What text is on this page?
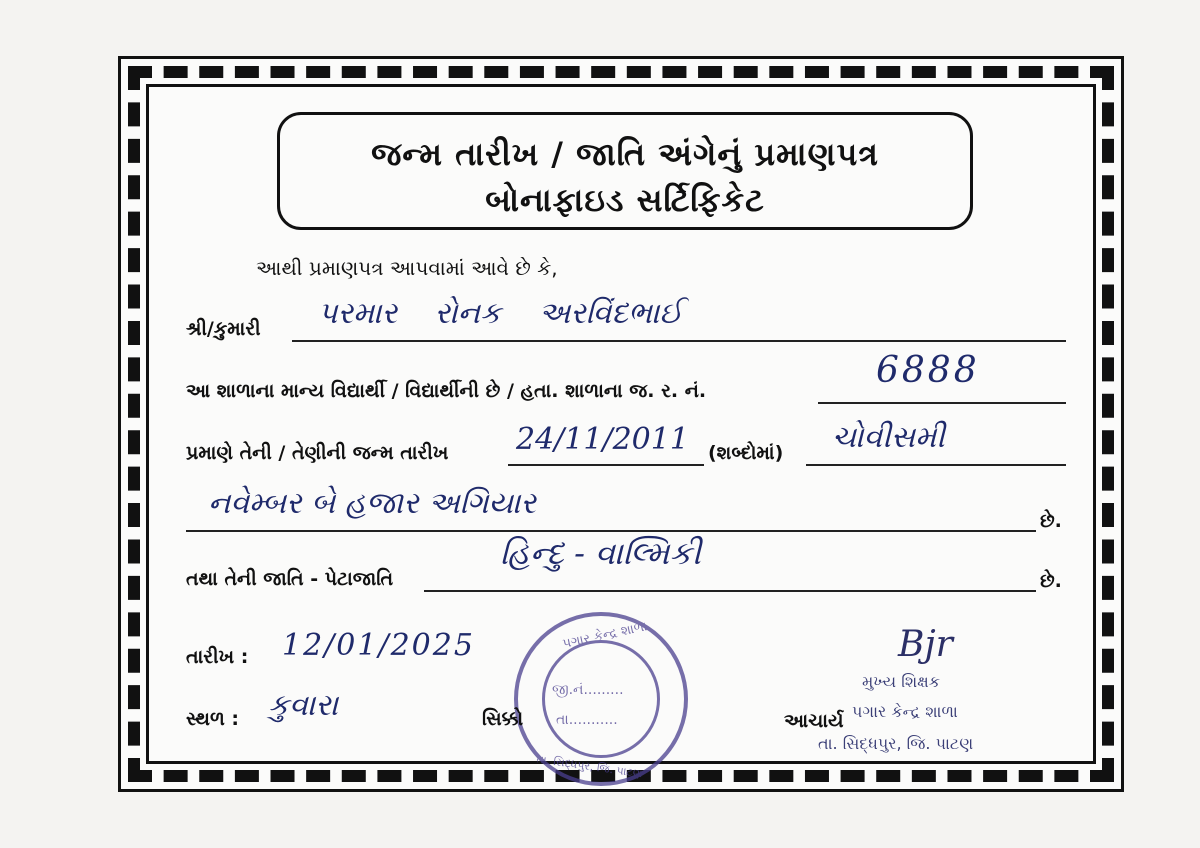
જન્મ તારીખ / જાતિ અંગેનું પ્રમાણપત્ર
બોનાફાઇડ સર્ટિફિકેટ
આથી પ્રમાણપત્ર આપવામાં આવે છે કે,
શ્રી/કુમારી પરમાર રોનક અરવિંદભાઈ
આ શાળાના માન્ય વિદ્યાર્થી / વિદ્યાર્થીની છે / હતા. શાળાના જ. ર. નં.	6888
પ્રમાણે તેની / તેણીની જન્મ તારીખ 24/11/2011 (શબ્દોમાં) ચોવીસમી
નવેમ્બર બે હજાર અગિયાર	છે.
તથા તેની જાતિ - પેટાજાતિ
હિન્દુ - વાલ્મિકી
છે.
તારીખ : 12/01/2025
સ્થળ : કુવારા
પગાર કેન્દ્ર શાળા
જી.નં.........
તા...........
તા. સિદ્ધપુર, જિ. પાટણ
સિક્કો
Bjr
મુખ્ય શિક્ષક
આચાર્ય પગાર કેન્દ્ર શાળા
તા. સિદ્ધપુર, જિ. પાટણ
